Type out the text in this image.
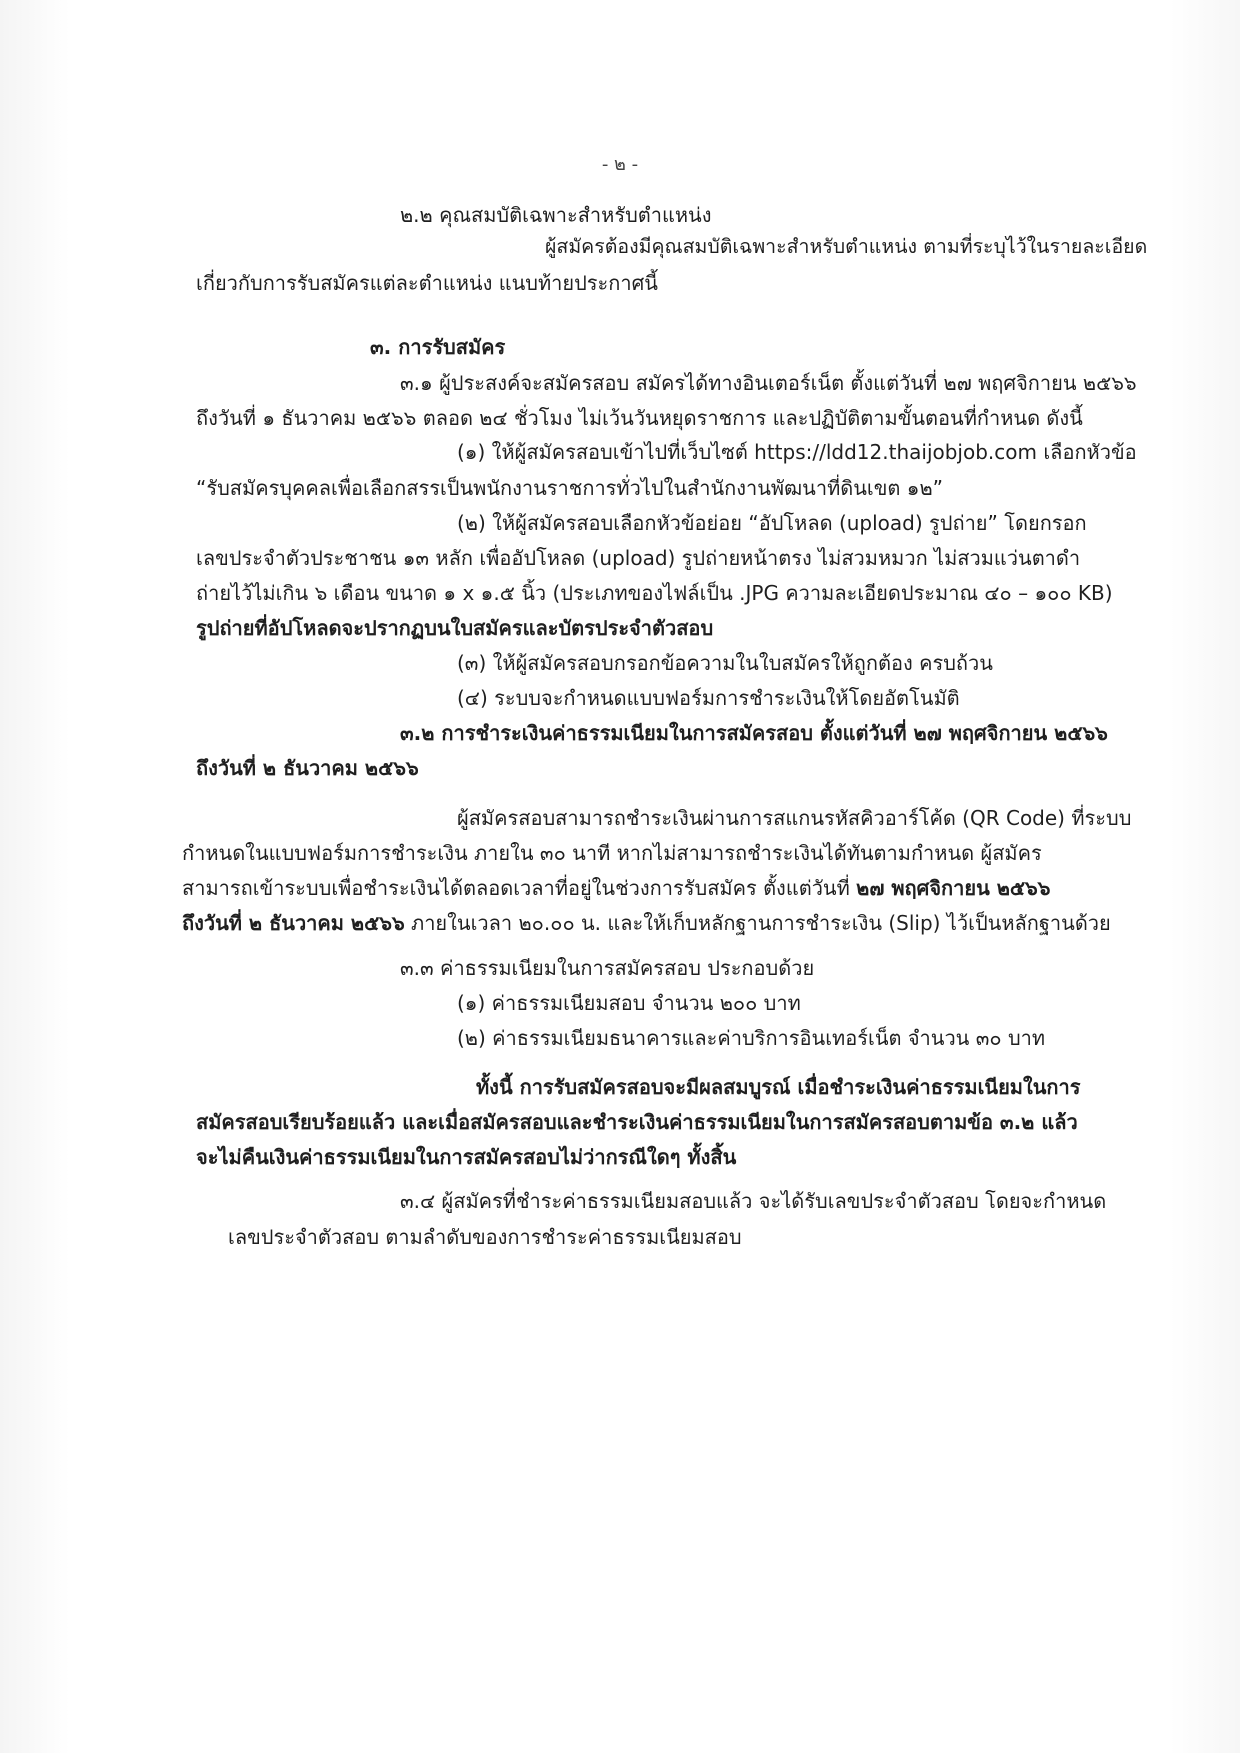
- ๒ -

๒.๒ คุณสมบัติเฉพาะสำหรับตำแหน่ง

ผู้สมัครต้องมีคุณสมบัติเฉพาะสำหรับตำแหน่ง ตามที่ระบุไว้ในรายละเอียด

เกี่ยวกับการรับสมัครแต่ละตำแหน่ง แนบท้ายประกาศนี้

๓. การรับสมัคร

๓.๑ ผู้ประสงค์จะสมัครสอบ สมัครได้ทางอินเตอร์เน็ต ตั้งแต่วันที่ ๒๗ พฤศจิกายน ๒๕๖๖

ถึงวันที่ ๑ ธันวาคม ๒๕๖๖ ตลอด ๒๔ ชั่วโมง ไม่เว้นวันหยุดราชการ และปฏิบัติตามขั้นตอนที่กำหนด ดังนี้

(๑) ให้ผู้สมัครสอบเข้าไปที่เว็บไซต์ https://ldd12.thaijobjob.com เลือกหัวข้อ

“รับสมัครบุคคลเพื่อเลือกสรรเป็นพนักงานราชการทั่วไปในสำนักงานพัฒนาที่ดินเขต ๑๒”

(๒) ให้ผู้สมัครสอบเลือกหัวข้อย่อย “อัปโหลด (upload) รูปถ่าย” โดยกรอก

เลขประจำตัวประชาชน ๑๓ หลัก เพื่ออัปโหลด (upload) รูปถ่ายหน้าตรง ไม่สวมหมวก ไม่สวมแว่นตาดำ

ถ่ายไว้ไม่เกิน ๖ เดือน ขนาด ๑ x ๑.๕ นิ้ว (ประเภทของไฟล์เป็น .JPG ความละเอียดประมาณ ๔๐ – ๑๐๐ KB)

รูปถ่ายที่อัปโหลดจะปรากฏบนใบสมัครและบัตรประจำตัวสอบ

(๓) ให้ผู้สมัครสอบกรอกข้อความในใบสมัครให้ถูกต้อง ครบถ้วน

(๔) ระบบจะกำหนดแบบฟอร์มการชำระเงินให้โดยอัตโนมัติ

๓.๒ การชำระเงินค่าธรรมเนียมในการสมัครสอบ ตั้งแต่วันที่ ๒๗ พฤศจิกายน ๒๕๖๖

ถึงวันที่ ๒ ธันวาคม ๒๕๖๖

ผู้สมัครสอบสามารถชำระเงินผ่านการสแกนรหัสคิวอาร์โค้ด (QR Code) ที่ระบบ

กำหนดในแบบฟอร์มการชำระเงิน ภายใน ๓๐ นาที หากไม่สามารถชำระเงินได้ทันตามกำหนด ผู้สมัคร

สามารถเข้าระบบเพื่อชำระเงินได้ตลอดเวลาที่อยู่ในช่วงการรับสมัคร ตั้งแต่วันที่ ๒๗ พฤศจิกายน ๒๕๖๖

ถึงวันที่ ๒ ธันวาคม ๒๕๖๖ ภายในเวลา ๒๐.๐๐ น. และให้เก็บหลักฐานการชำระเงิน (Slip) ไว้เป็นหลักฐานด้วย

๓.๓ ค่าธรรมเนียมในการสมัครสอบ ประกอบด้วย

(๑) ค่าธรรมเนียมสอบ จำนวน ๒๐๐ บาท

(๒) ค่าธรรมเนียมธนาคารและค่าบริการอินเทอร์เน็ต จำนวน ๓๐ บาท

ทั้งนี้ การรับสมัครสอบจะมีผลสมบูรณ์ เมื่อชำระเงินค่าธรรมเนียมในการ

สมัครสอบเรียบร้อยแล้ว และเมื่อสมัครสอบและชำระเงินค่าธรรมเนียมในการสมัครสอบตามข้อ ๓.๒ แล้ว

จะไม่คืนเงินค่าธรรมเนียมในการสมัครสอบไม่ว่ากรณีใดๆ ทั้งสิ้น

๓.๔ ผู้สมัครที่ชำระค่าธรรมเนียมสอบแล้ว จะได้รับเลขประจำตัวสอบ โดยจะกำหนด

เลขประจำตัวสอบ ตามลำดับของการชำระค่าธรรมเนียมสอบ
